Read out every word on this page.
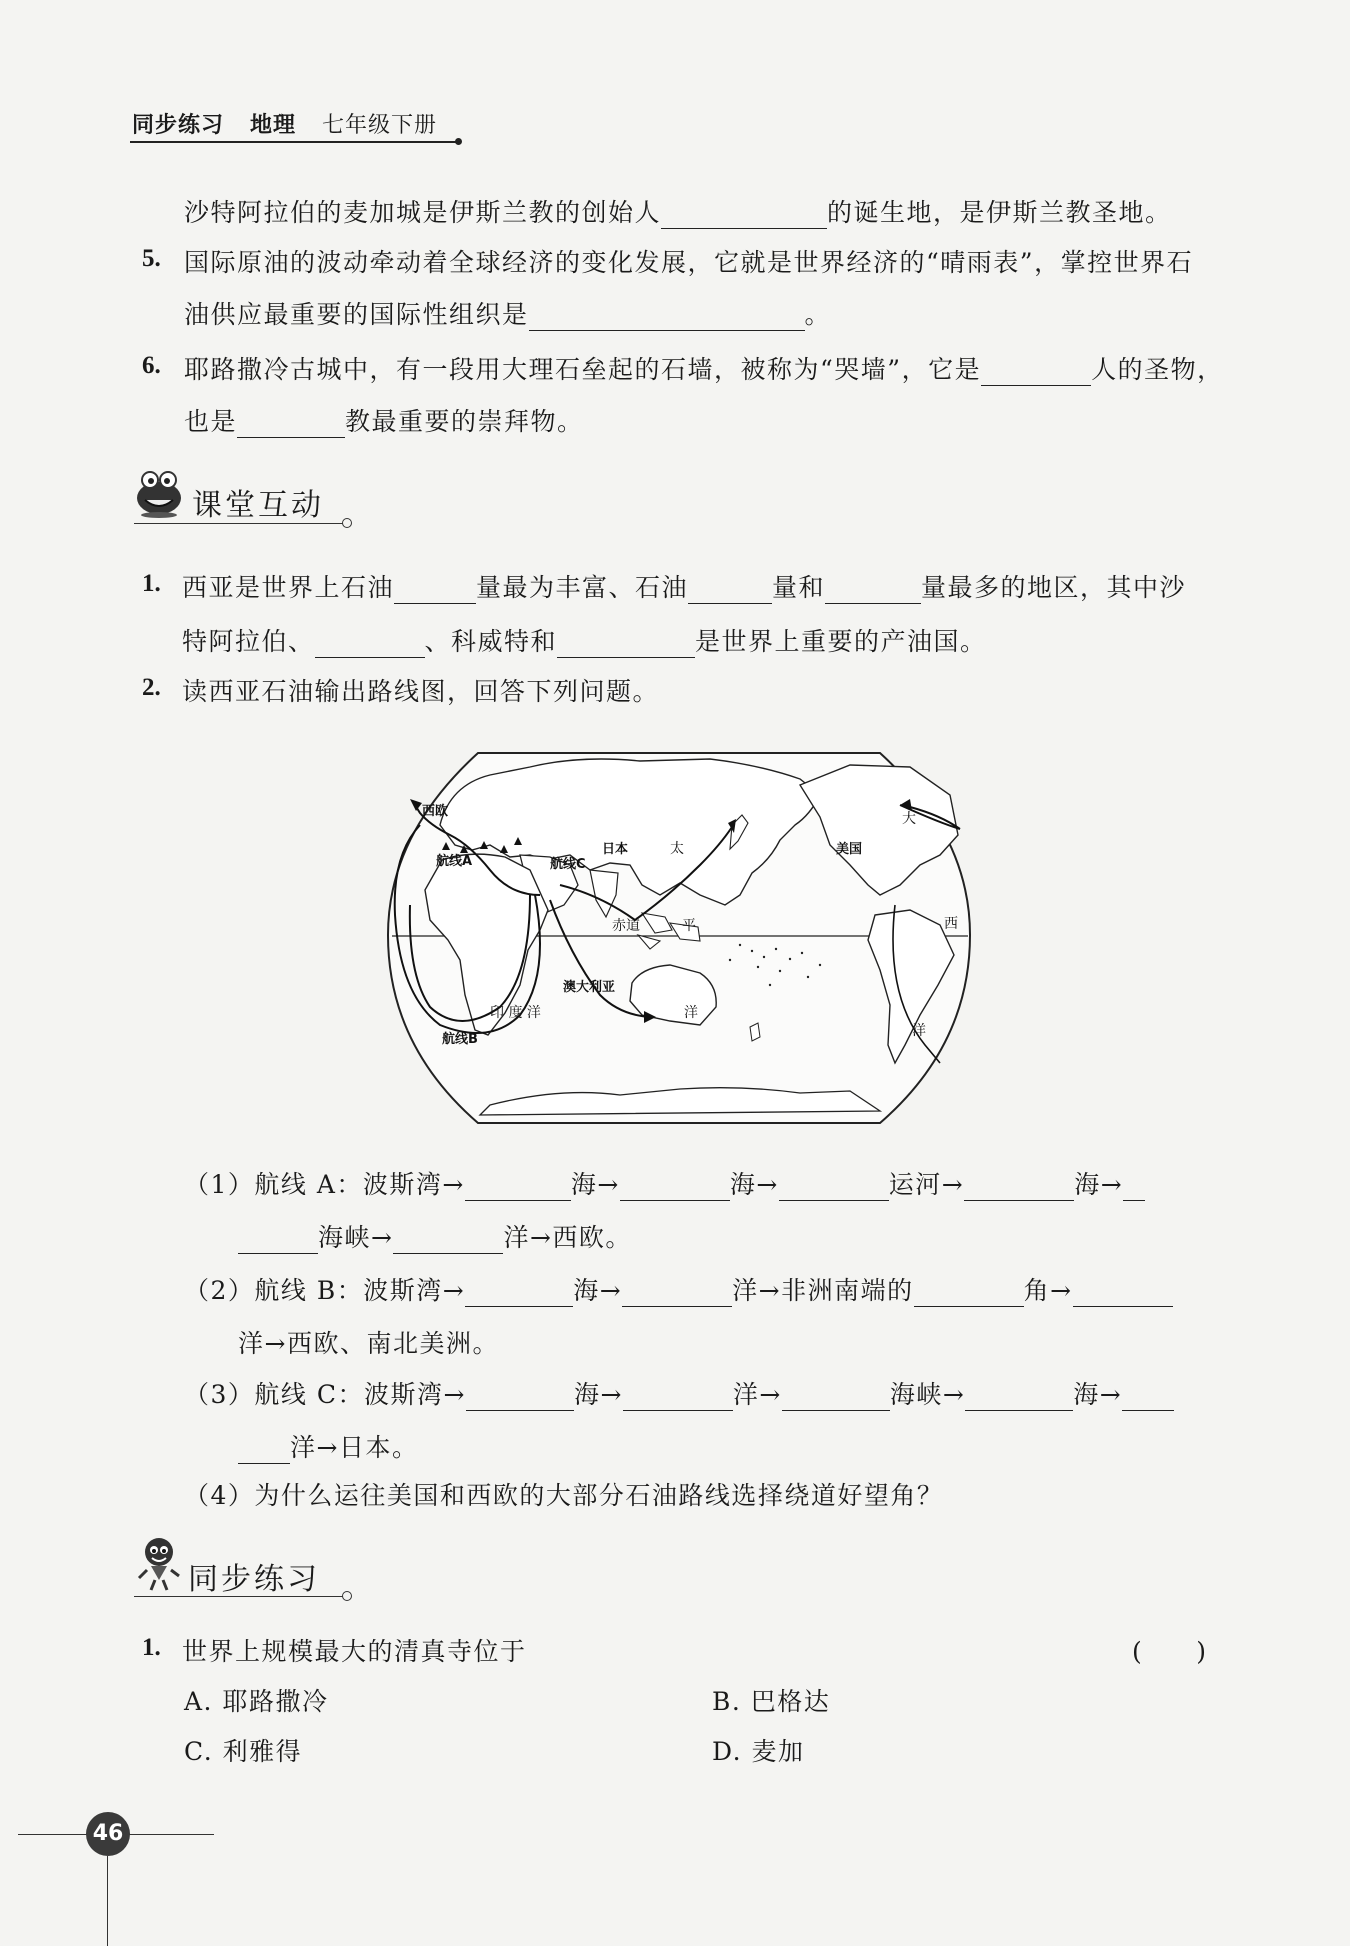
同步练习 地理 七年级下册
沙特阿拉伯的麦加城是伊斯兰教的创始人	的诞生地，是伊斯兰教圣地。
5. 国际原油的波动牵动着全球经济的变化发展，它就是世界经济的“晴雨表”，掌控世界石
油供应最重要的国际性组织是	。
6. 耶路撒冷古城中，有一段用大理石垒起的石墙，被称为“哭墙”，它是	人的圣物，
也是	教最重要的崇拜物。
课堂互动
1. 西亚是世界上石油	量最为丰富、石油	量和	量最多的地区，其中沙
特阿拉伯、	、科威特和	是世界上重要的产油国。
2. 读西亚石油输出路线图，回答下列问题。
西欧
航线A	航线C
日本	美国
澳大利亚
航线B
赤道
印 度 洋
太
平
洋
大
西
洋
（1）航线 A：波斯湾→	海→	海→	运河→	海→
海峡→	洋→西欧。
（2）航线 B：波斯湾→	海→	洋→非洲南端的	角→
洋→西欧、南北美洲。
（3）航线 C：波斯湾→	海→	洋→	海峡→	海→
洋→日本。
（4）为什么运往美国和西欧的大部分石油路线选择绕道好望角？
同步练习
1. 世界上规模最大的清真寺位于	(　　)
A. 耶路撒冷	B. 巴格达
C. 利雅得	D. 麦加
46
